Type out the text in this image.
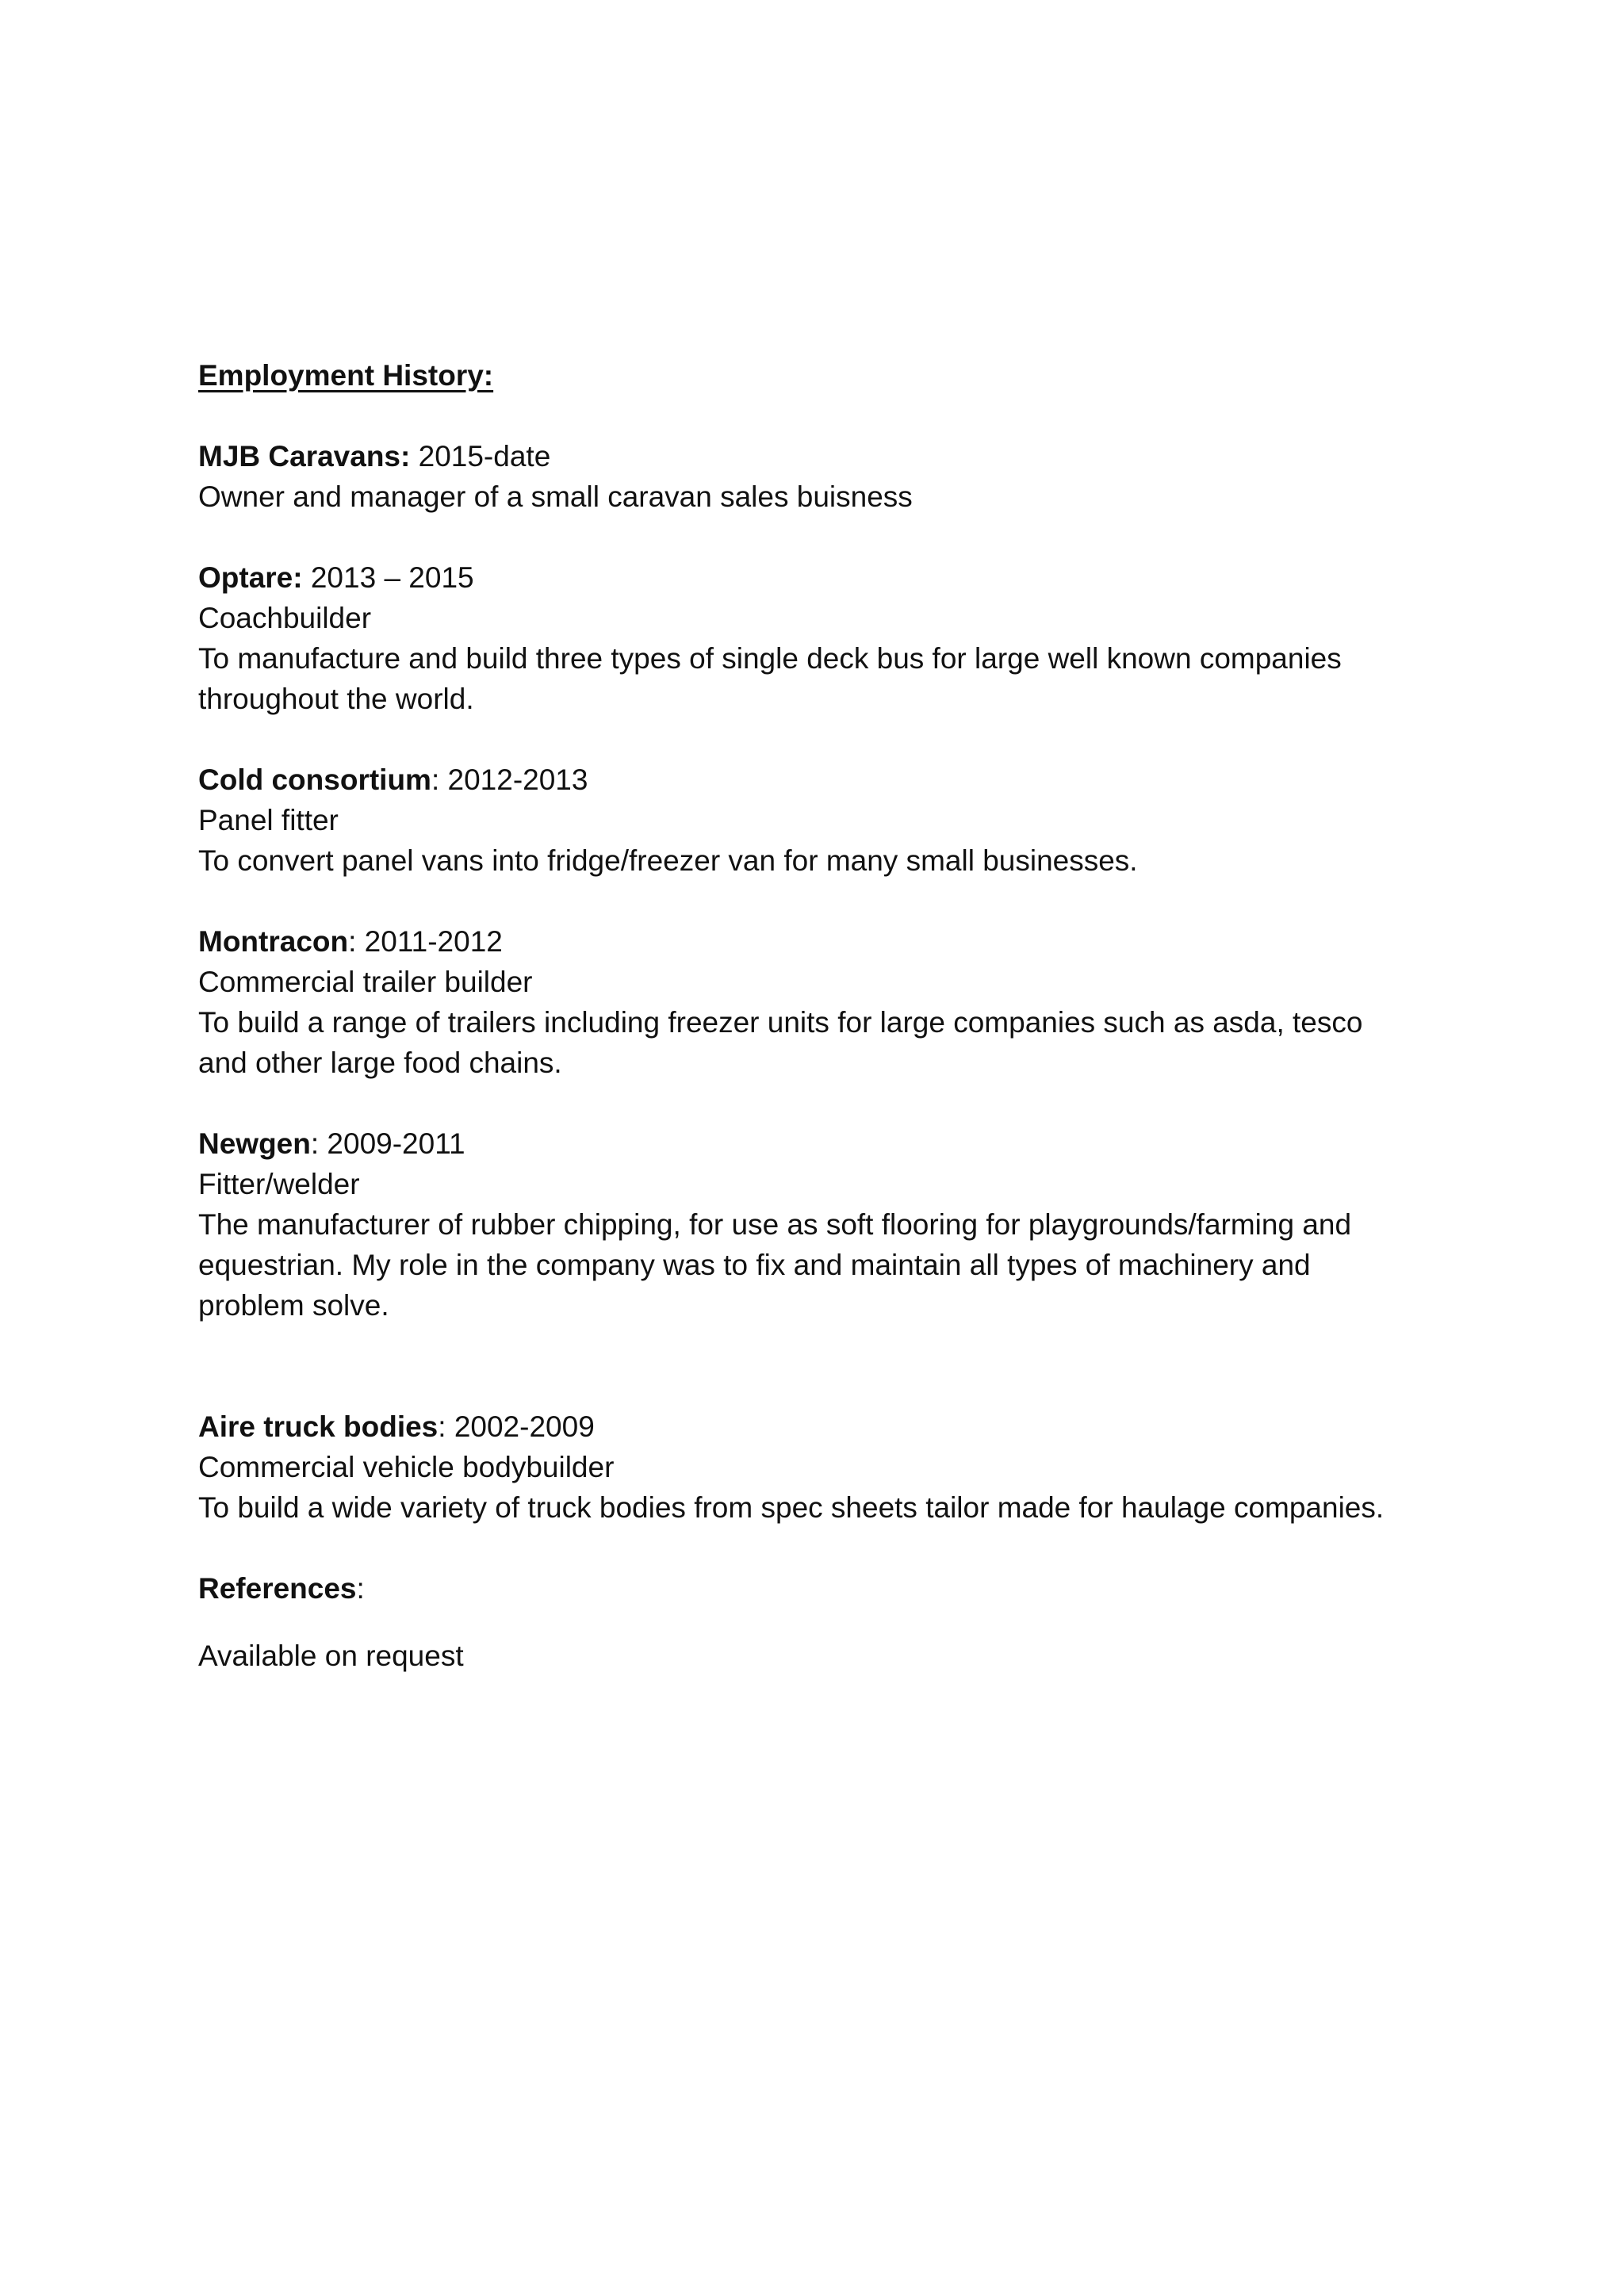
Employment History:
MJB Caravans: 2015-date
Owner and manager of a small caravan sales buisness
Optare: 2013 – 2015
Coachbuilder
To manufacture and build three types of single deck bus for large well known companies
throughout the world.
Cold consortium: 2012-2013
Panel fitter
To convert panel vans into fridge/freezer van for many small businesses.
Montracon: 2011-2012
Commercial trailer builder
To build a range of trailers including freezer units for large companies such as asda, tesco
and other large food chains.
Newgen: 2009-2011
Fitter/welder
The manufacturer of rubber chipping, for use as soft flooring for playgrounds/farming and
equestrian. My role in the company was to fix and maintain all types of machinery and
problem solve.
Aire truck bodies: 2002-2009
Commercial vehicle bodybuilder
To build a wide variety of truck bodies from spec sheets tailor made for haulage companies.
References:
Available on request
